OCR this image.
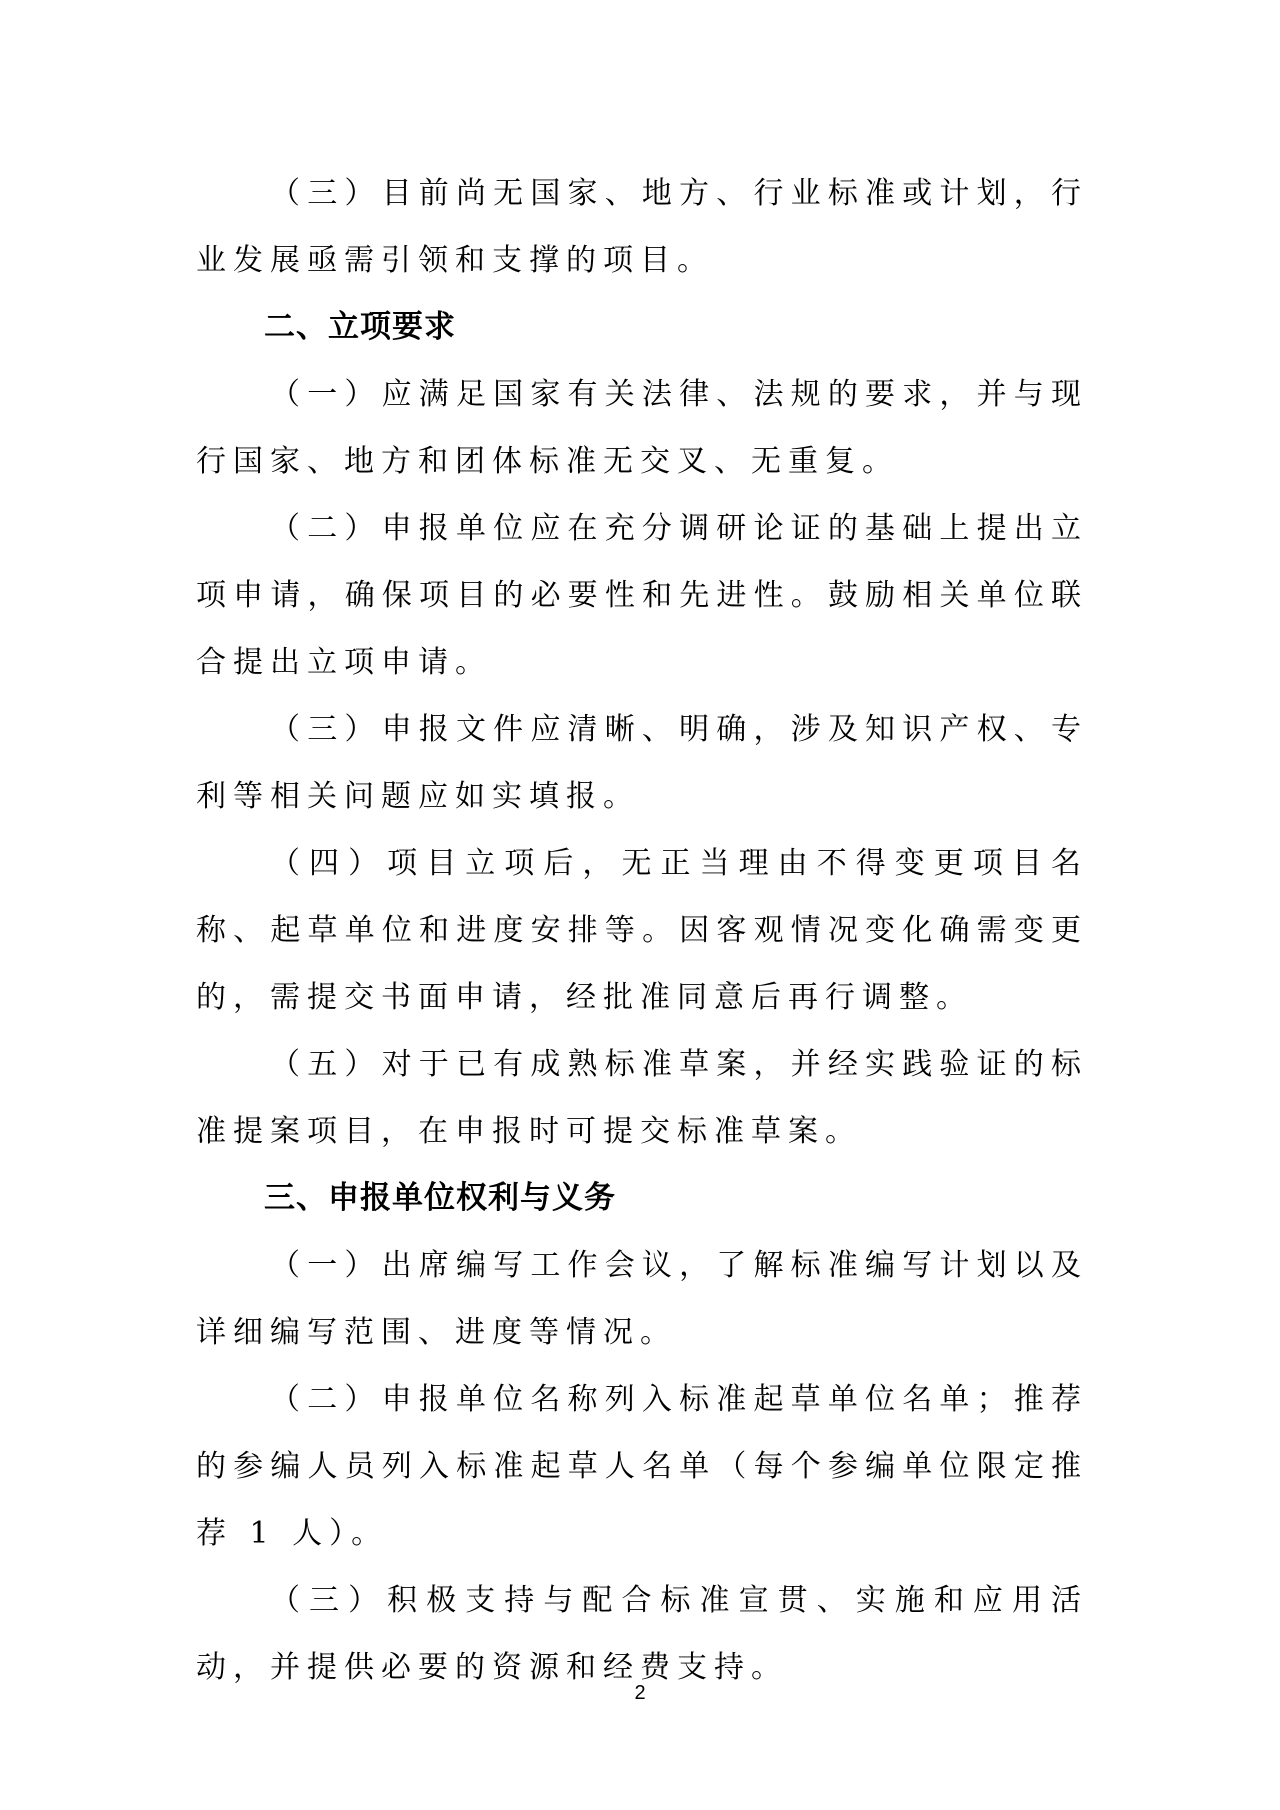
（三）目前尚无国家、地方、行业标准或计划，行业发展亟需引领和支撑的项目。

二、立项要求

（一）应满足国家有关法律、法规的要求，并与现行国家、地方和团体标准无交叉、无重复。

（二）申报单位应在充分调研论证的基础上提出立项申请，确保项目的必要性和先进性。鼓励相关单位联合提出立项申请。

（三）申报文件应清晰、明确，涉及知识产权、专利等相关问题应如实填报。

（四）项目立项后，无正当理由不得变更项目名称、起草单位和进度安排等。因客观情况变化确需变更的，需提交书面申请，经批准同意后再行调整。

（五）对于已有成熟标准草案，并经实践验证的标准提案项目，在申报时可提交标准草案。

三、申报单位权利与义务

（一）出席编写工作会议，了解标准编写计划以及详细编写范围、进度等情况。

（二）申报单位名称列入标准起草单位名单；推荐的参编人员列入标准起草人名单（每个参编单位限定推荐 1 人）。

（三）积极支持与配合标准宣贯、实施和应用活动，并提供必要的资源和经费支持。

2
